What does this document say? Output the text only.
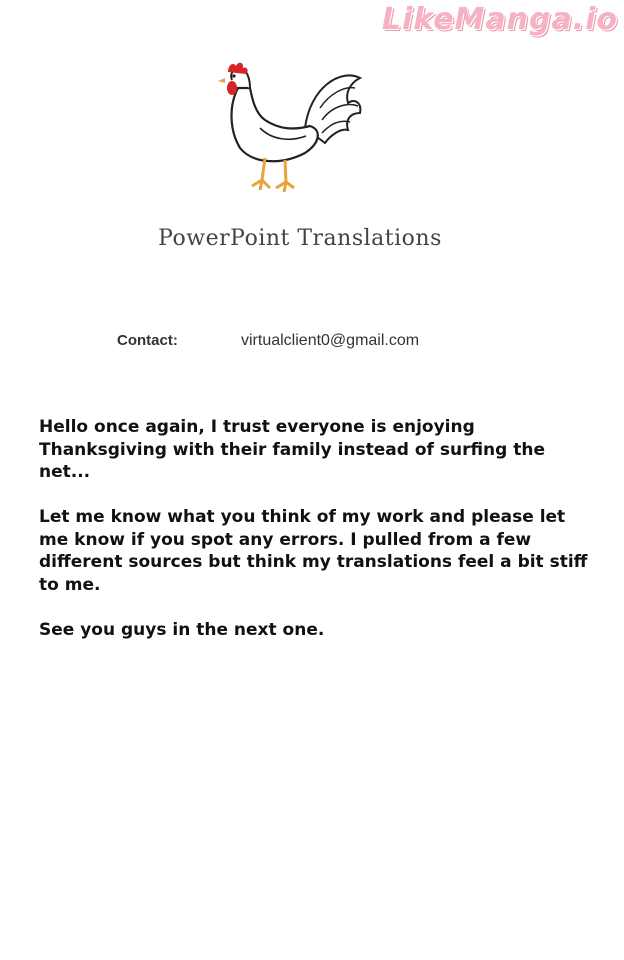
LikeManga.io
PowerPoint Translations
Contact:	virtualclient0@gmail.com

Hello once again, I trust everyone is enjoying Thanksgiving with their family instead of surfing the net...

Let me know what you think of my work and please let me know if you spot any errors. I pulled from a few different sources but think my translations feel a bit stiff to me.

See you guys in the next one.
